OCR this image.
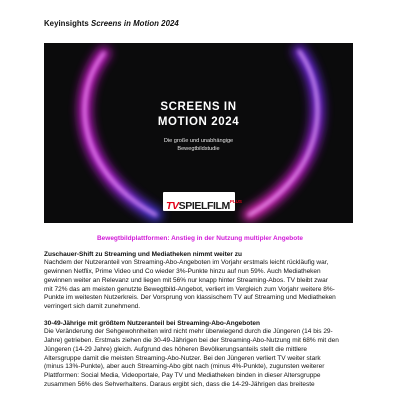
Keyinsights Screens in Motion 2024
SCREENS IN
MOTION 2024
Die große und unabhängige
Bewegtbildstudie
$TVSPIELFILM^{PLUS}$
Bewegtbildplattformen: Anstieg in der Nutzung multipler Angebote
Zuschauer-Shift zu Streaming und Mediatheken nimmt weiter zu
Nachdem der Nutzeranteil von Streaming-Abo-Angeboten im Vorjahr erstmals leicht rückläufig war,
gewinnen Netflix, Prime Video und Co wieder 3%-Punkte hinzu auf nun 59%. Auch Mediatheken
gewinnen weiter an Relevanz und liegen mit 56% nur knapp hinter Streaming-Abos. TV bleibt zwar
mit 72% das am meisten genutzte Bewegtbild-Angebot, verliert im Vergleich zum Vorjahr weitere 8%-
Punkte im weitesten Nutzerkreis. Der Vorsprung von klassischem TV auf Streaming und Mediatheken
verringert sich damit zunehmend.
30-49-Jährige mit größtem Nutzeranteil bei Streaming-Abo-Angeboten
Die Veränderung der Sehgewohnheiten wird nicht mehr überwiegend durch die Jüngeren (14 bis 29-
Jahre) getrieben. Erstmals ziehen die 30-49-Jährigen bei der Streaming-Abo-Nutzung mit 68% mit den
Jüngeren (14-29 Jahre) gleich. Aufgrund des höheren Bevölkerungsanteils stellt die mittlere
Altersgruppe damit die meisten Streaming-Abo-Nutzer. Bei den Jüngeren verliert TV weiter stark
(minus 13%-Punkte), aber auch Streaming-Abo gibt nach (minus 4%-Punkte), zugunsten weiterer
Plattformen: Social Media, Videoportale, Pay TV und Mediatheken binden in dieser Altersgruppe
zusammen 56% des Sehverhaltens. Daraus ergibt sich, dass die 14-29-Jährigen das breiteste
